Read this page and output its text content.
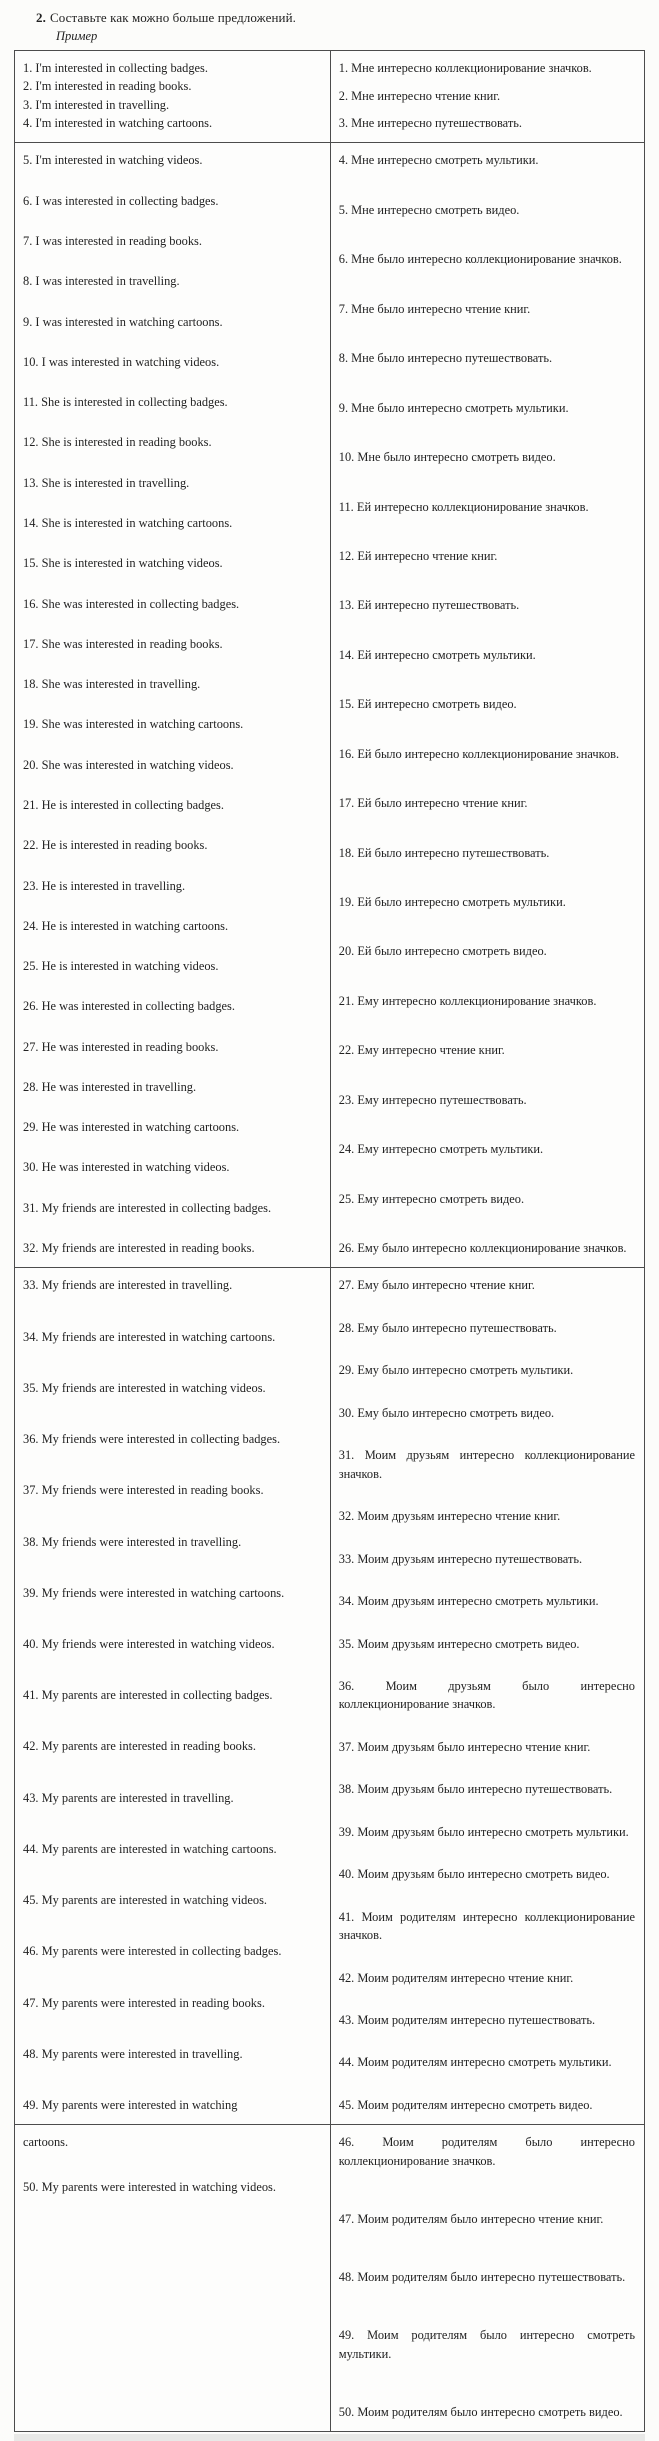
2. Составьте как можно больше предложений.
Пример
1. I'm interested in collecting badges.
2. I'm interested in reading books.
3. I'm interested in travelling.
4. I'm interested in watching cartoons.
1. Мне интересно коллекционирование значков.
2. Мне интересно чтение книг.
3. Мне интересно путешествовать.
5. I'm interested in watching videos.
6. I was interested in collecting badges.
7. I was interested in reading books.
8. I was interested in travelling.
9. I was interested in watching cartoons.
10. I was interested in watching videos.
11. She is interested in collecting badges.
12. She is interested in reading books.
13. She is interested in travelling.
14. She is interested in watching cartoons.
15. She is interested in watching videos.
16. She was interested in collecting badges.
17. She was interested in reading books.
18. She was interested in travelling.
19. She was interested in watching cartoons.
20. She was interested in watching videos.
21. He is interested in collecting badges.
22. He is interested in reading books.
23. He is interested in travelling.
24. He is interested in watching cartoons.
25. He is interested in watching videos.
26. He was interested in collecting badges.
27. He was interested in reading books.
28. He was interested in travelling.
29. He was interested in watching cartoons.
30. He was interested in watching videos.
31. My friends are interested in collecting badges.
32. My friends are interested in reading books.
4. Мне интересно смотреть мультики.
5. Мне интересно смотреть видео.
6. Мне было интересно коллекционирование значков.
7. Мне было интересно чтение книг.
8. Мне было интересно путешествовать.
9. Мне было интересно смотреть мультики.
10. Мне было интересно смотреть видео.
11. Ей интересно коллекционирование значков.
12. Ей интересно чтение книг.
13. Ей интересно путешествовать.
14. Ей интересно смотреть мультики.
15. Ей интересно смотреть видео.
16. Ей было интересно коллекционирование значков.
17. Ей было интересно чтение книг.
18. Ей было интересно путешествовать.
19. Ей было интересно смотреть мультики.
20. Ей было интересно смотреть видео.
21. Ему интересно коллекционирование значков.
22. Ему интересно чтение книг.
23. Ему интересно путешествовать.
24. Ему интересно смотреть мультики.
25. Ему интересно смотреть видео.
26. Ему было интересно коллекционирование значков.
33. My friends are interested in travelling.
34. My friends are interested in watching cartoons.
35. My friends are interested in watching videos.
36. My friends were interested in collecting badges.
37. My friends were interested in reading books.
38. My friends were interested in travelling.
39. My friends were interested in watching cartoons.
40. My friends were interested in watching videos.
41. My parents are interested in collecting badges.
42. My parents are interested in reading books.
43. My parents are interested in travelling.
44. My parents are interested in watching cartoons.
45. My parents are interested in watching videos.
46. My parents were interested in collecting badges.
47. My parents were interested in reading books.
48. My parents were interested in travelling.
49. My parents were interested in watching
27. Ему было интересно чтение книг.
28. Ему было интересно путешествовать.
29. Ему было интересно смотреть мультики.
30. Ему было интересно смотреть видео.
31. Моим друзьям интересно коллекционирование значков.
32. Моим друзьям интересно чтение книг.
33. Моим друзьям интересно путешествовать.
34. Моим друзьям интересно смотреть мультики.
35. Моим друзьям интересно смотреть видео.
36.	Моим друзьям было интересно коллекционирование значков.
37. Моим друзьям было интересно чтение книг.
38. Моим друзьям было интересно путешествовать.
39. Моим друзьям было интересно смотреть мультики.
40. Моим друзьям было интересно смотреть видео.
41. Моим родителям интересно коллекционирование значков.
42. Моим родителям интересно чтение книг.
43. Моим родителям интересно путешествовать.
44. Моим родителям интересно смотреть мультики.
45. Моим родителям интересно смотреть видео.
cartoons.
50. My parents were interested in watching videos.
46. Моим родителям было интересно коллекционирование значков.
47. Моим родителям было интересно чтение книг.
48. Моим родителям было интересно путешествовать.
49. Моим родителям было интересно смотреть мультики.
50. Моим родителям было интересно смотреть видео.
